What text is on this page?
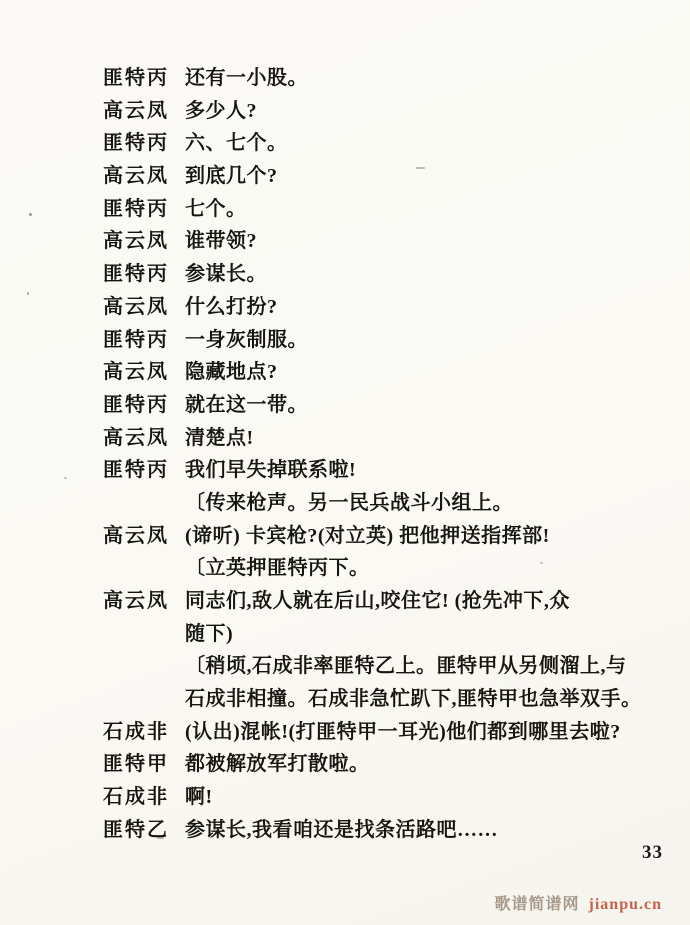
匪特丙 还有一小股。
高云凤 多少人?
匪特丙 六、七个。
高云凤 到底几个?
匪特丙 七个。
高云凤 谁带领?
匪特丙 参谋长。
高云凤 什么打扮?
匪特丙 一身灰制服。
高云凤 隐藏地点?
匪特丙 就在这一带。
高云凤 清楚点!
匪特丙 我们早失掉联系啦!
〔传来枪声。另一民兵战斗小组上。
高云凤 (谛听) 卡宾枪?(对立英) 把他押送指挥部!
〔立英押匪特丙下。
高云凤 同志们,敌人就在后山,咬住它! (抢先冲下,众
随下)
〔稍顷,石成非率匪特乙上。匪特甲从另侧溜上,与
石成非相撞。石成非急忙趴下,匪特甲也急举双手。
石成非 (认出)混帐!(打匪特甲一耳光)他们都到哪里去啦?
匪特甲 都被解放军打散啦。
石成非 啊!
匪特乙 参谋长,我看咱还是找条活路吧……
33
歌谱简谱网 jianpu.cn
